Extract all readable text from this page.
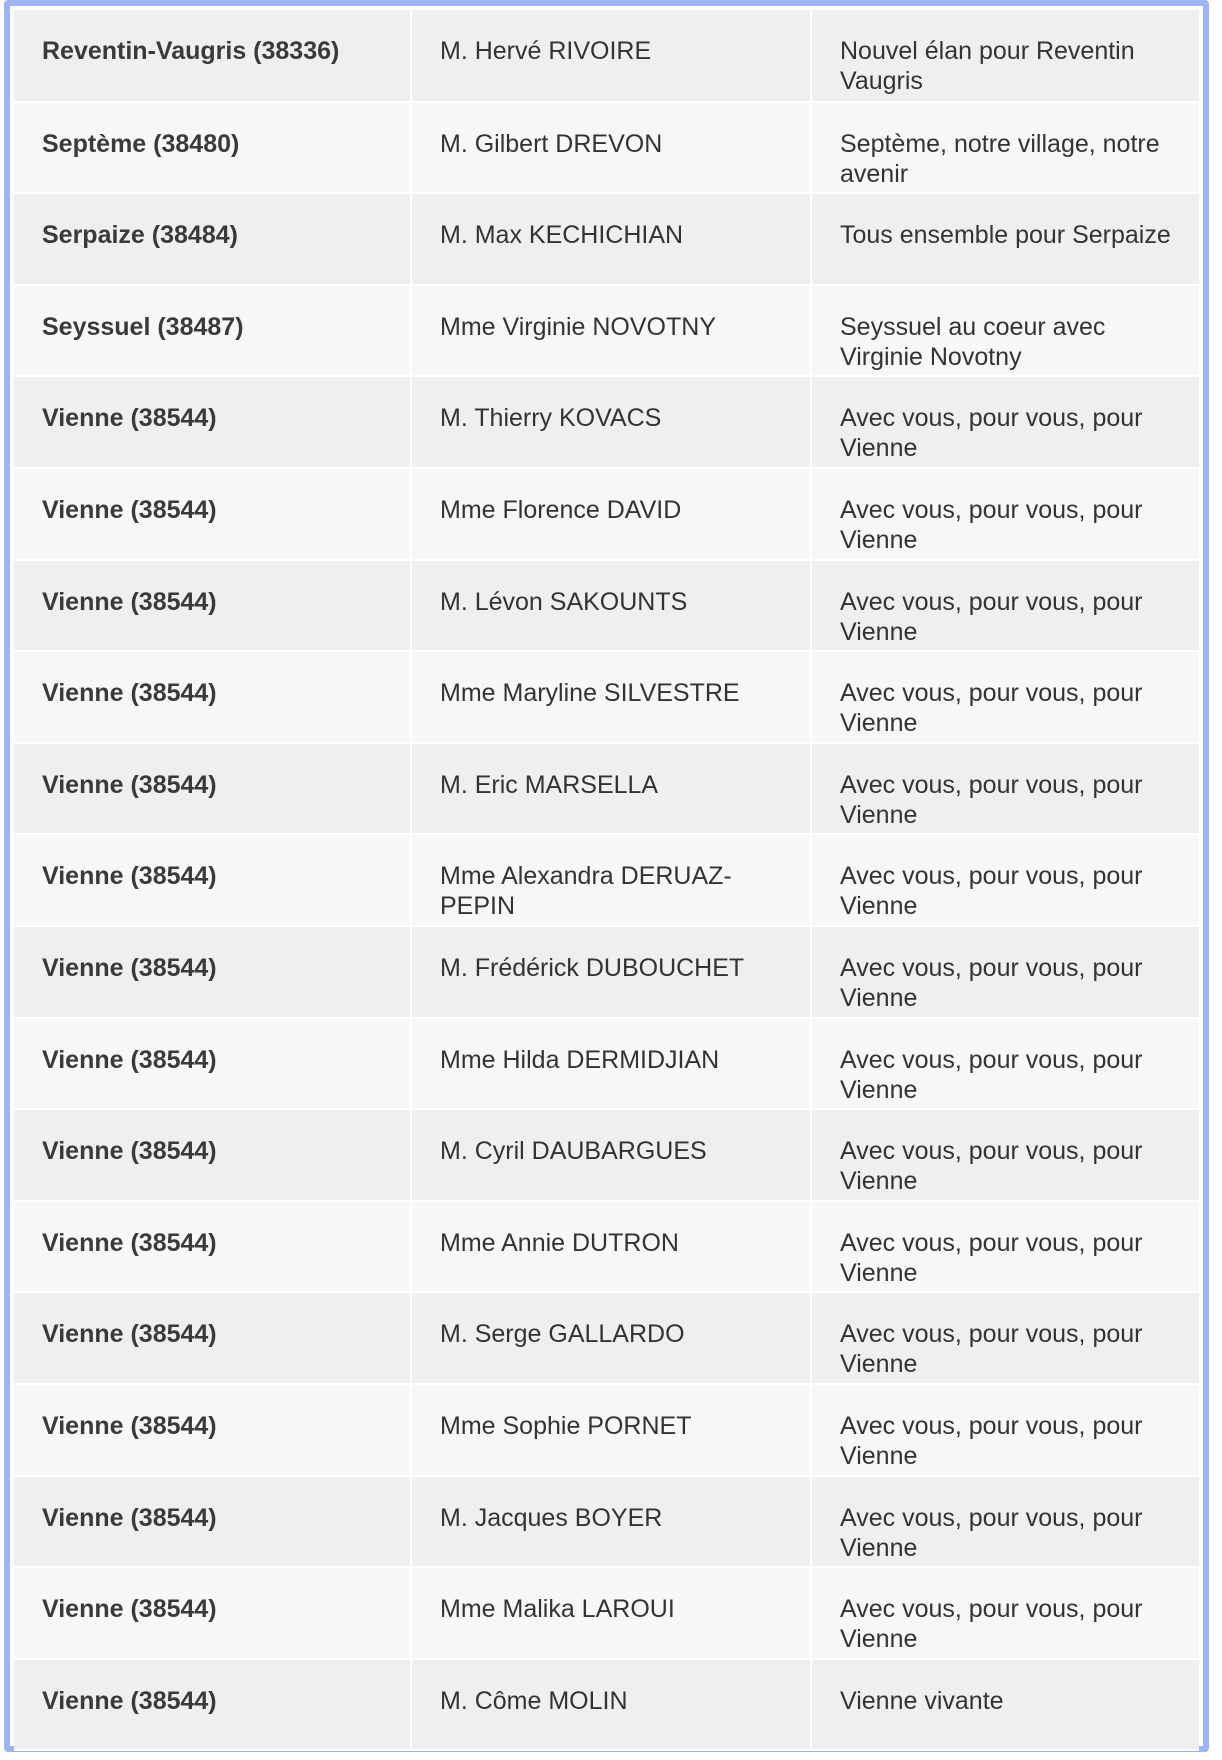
Reventin-Vaugris (38336)	M. Hervé RIVOIRE	Nouvel élan pour Reventin Vaugris
Septème (38480)	M. Gilbert DREVON	Septème, notre village, notre avenir
Serpaize (38484)	M. Max KECHICHIAN	Tous ensemble pour Serpaize
Seyssuel (38487)	Mme Virginie NOVOTNY	Seyssuel au coeur avec Virginie Novotny
Vienne (38544)	M. Thierry KOVACS	Avec vous, pour vous, pour Vienne
Vienne (38544)	Mme Florence DAVID	Avec vous, pour vous, pour Vienne
Vienne (38544)	M. Lévon SAKOUNTS	Avec vous, pour vous, pour Vienne
Vienne (38544)	Mme Maryline SILVESTRE	Avec vous, pour vous, pour Vienne
Vienne (38544)	M. Eric MARSELLA	Avec vous, pour vous, pour Vienne
Vienne (38544)	Mme Alexandra DERUAZ-PEPIN	Avec vous, pour vous, pour Vienne
Vienne (38544)	M. Frédérick DUBOUCHET	Avec vous, pour vous, pour Vienne
Vienne (38544)	Mme Hilda DERMIDJIAN	Avec vous, pour vous, pour Vienne
Vienne (38544)	M. Cyril DAUBARGUES	Avec vous, pour vous, pour Vienne
Vienne (38544)	Mme Annie DUTRON	Avec vous, pour vous, pour Vienne
Vienne (38544)	M. Serge GALLARDO	Avec vous, pour vous, pour Vienne
Vienne (38544)	Mme Sophie PORNET	Avec vous, pour vous, pour Vienne
Vienne (38544)	M. Jacques BOYER	Avec vous, pour vous, pour Vienne
Vienne (38544)	Mme Malika LAROUI	Avec vous, pour vous, pour Vienne
Vienne (38544)	M. Côme MOLIN	Vienne vivante
